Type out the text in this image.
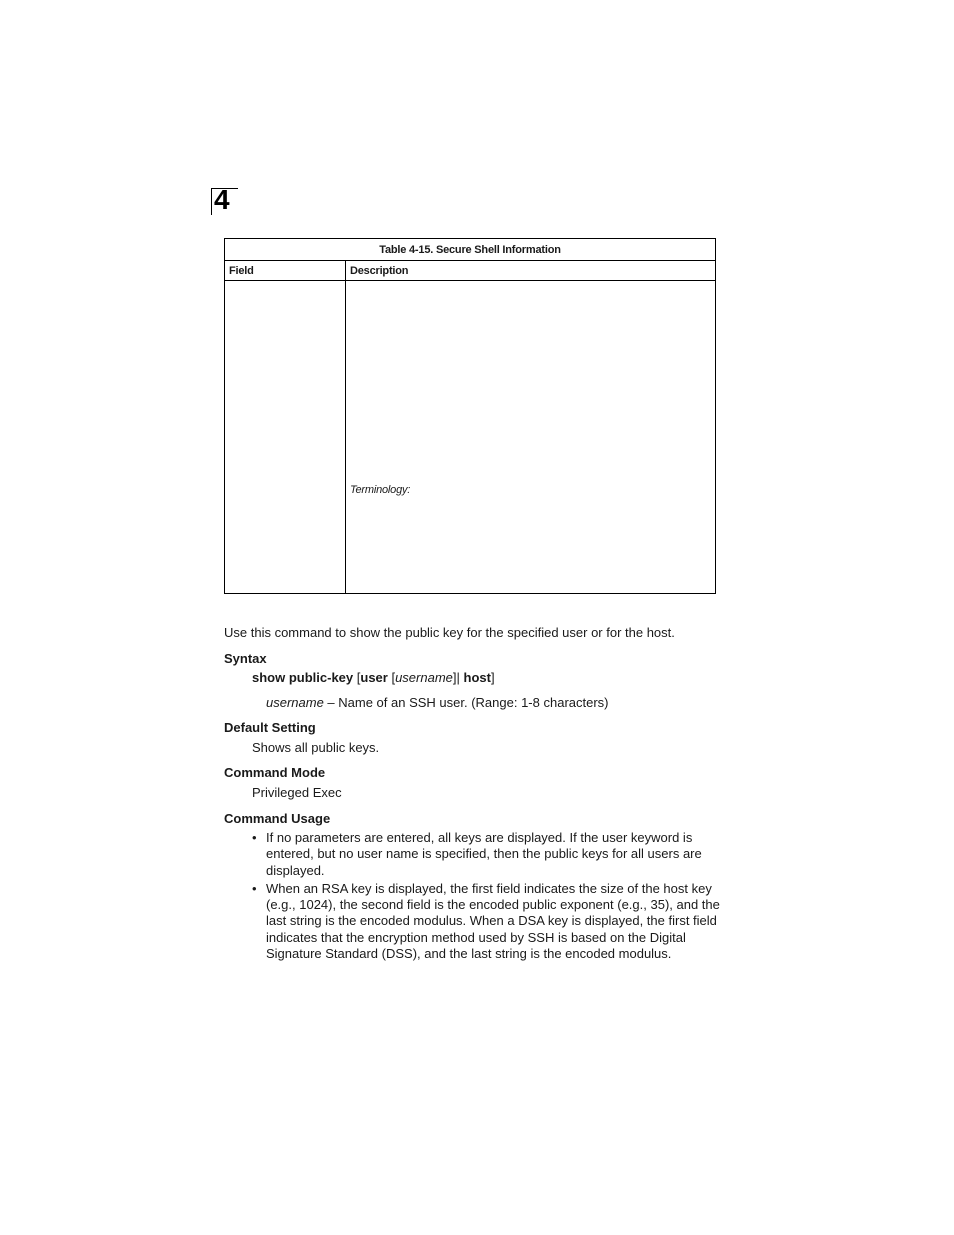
4
Table 4-15. Secure Shell Information	
Field	Description

	Terminology:
Use this command to show the public key for the specified user or for the host.
Syntax
show public-key [user [username]| host]
username – Name of an SSH user. (Range: 1-8 characters)
Default Setting
Shows all public keys.
Command Mode
Privileged Exec
Command Usage
• If no parameters are entered, all keys are displayed. If the user keyword is entered, but no user name is specified, then the public keys for all users are displayed.
• When an RSA key is displayed, the first field indicates the size of the host key (e.g., 1024), the second field is the encoded public exponent (e.g., 35), and the last string is the encoded modulus. When a DSA key is displayed, the first field indicates that the encryption method used by SSH is based on the Digital Signature Standard (DSS), and the last string is the encoded modulus.
